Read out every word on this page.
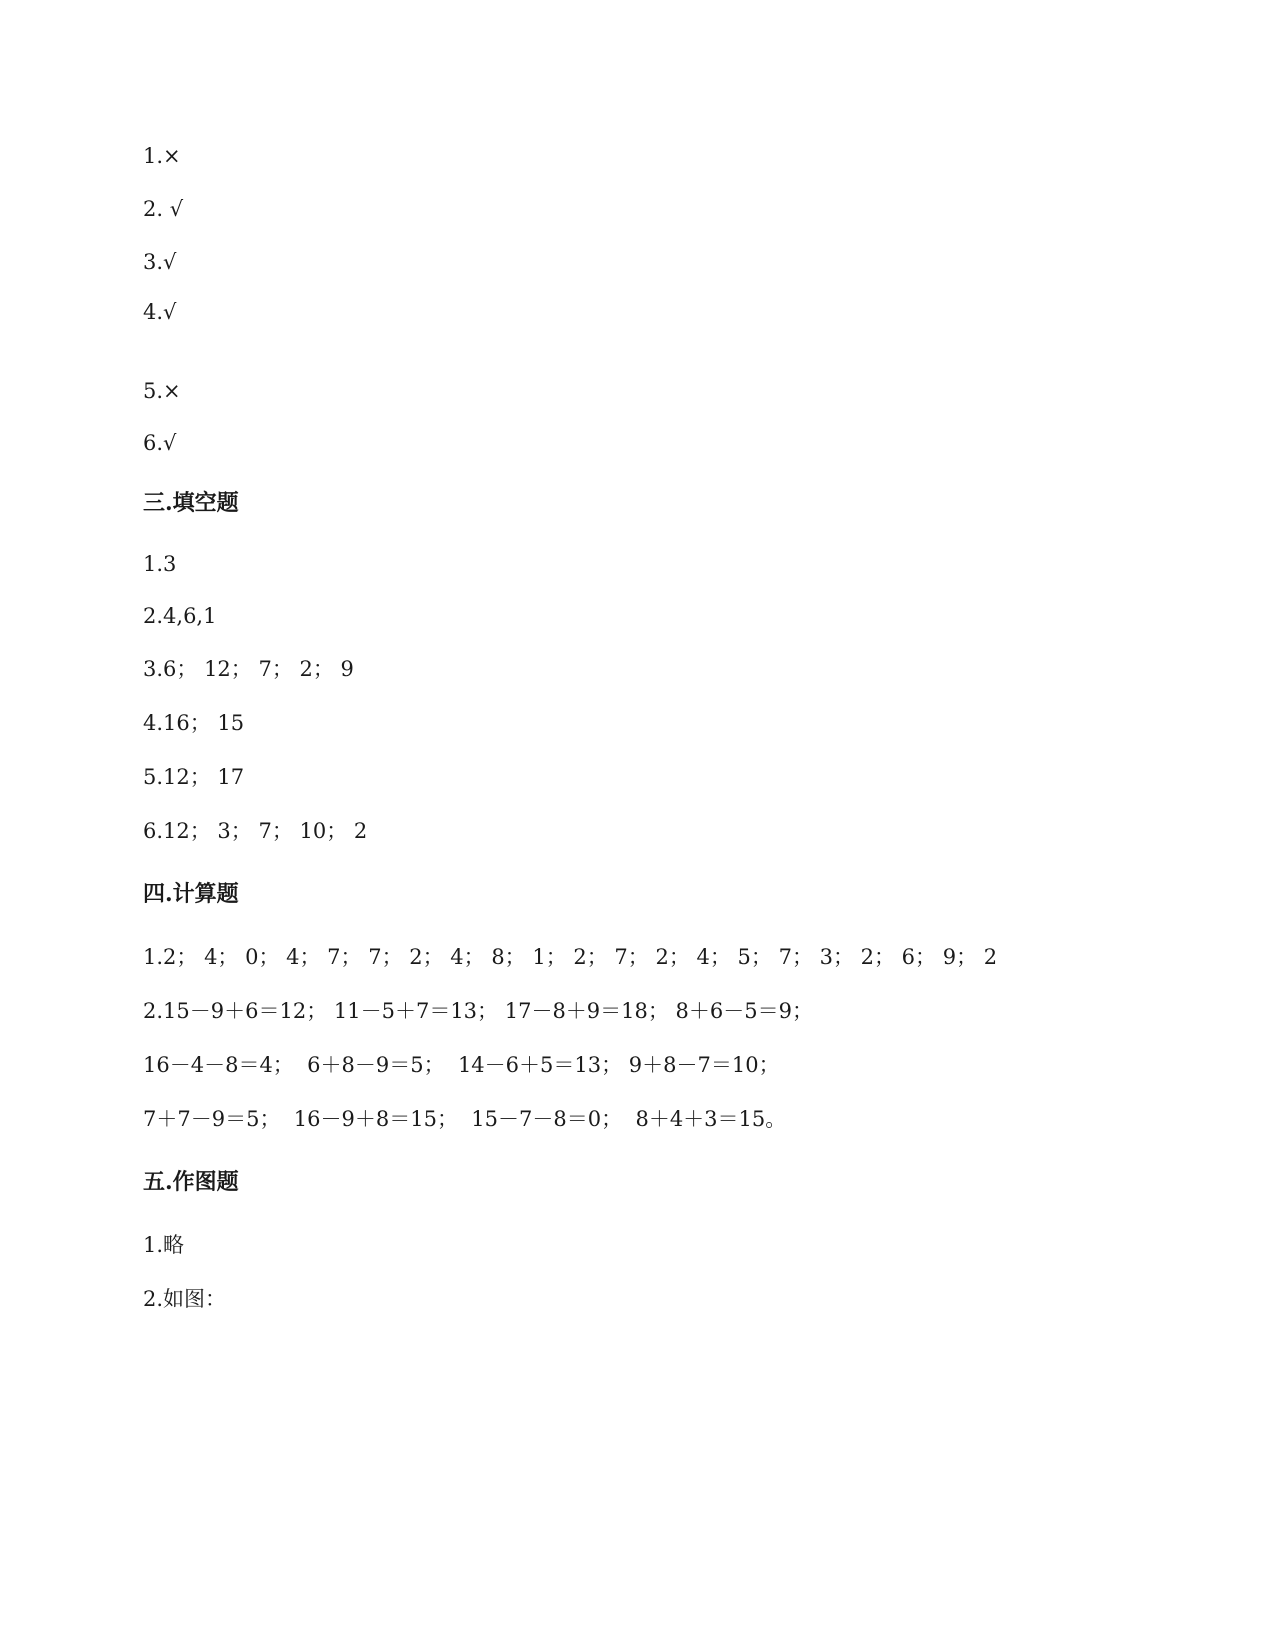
1.×

2. √

3.√

4.√

5.×

6.√

三.填空题

1.3

2.4,6,1

3.6； 12； 7； 2； 9

4.16； 15

5.12； 17

6.12； 3； 7； 10； 2

四.计算题

1.2； 4； 0； 4； 7； 7； 2； 4； 8； 1； 2； 7； 2； 4； 5； 7； 3； 2； 6； 9； 2

2.15－9＋6＝12； 11－5＋7＝13； 17－8＋9＝18； 8＋6－5＝9；

16－4－8＝4；  6＋8－9＝5；  14－6＋5＝13； 9＋8－7＝10；

7＋7－9＝5；  16－9＋8＝15；  15－7－8＝0；  8＋4＋3＝15。

五.作图题

1.略

2.如图：
